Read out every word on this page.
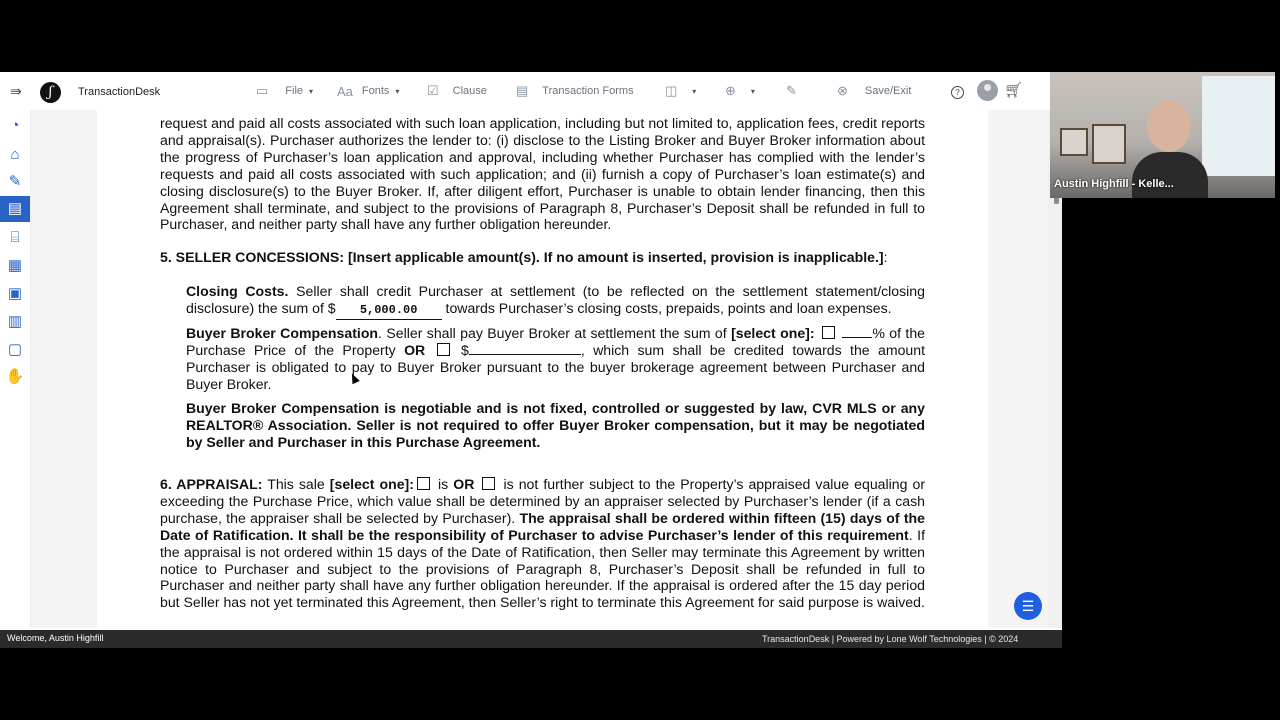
⇛	ʃ	TransactionDesk	▭ File ▾ Aa Fonts ▾ ☑ Clause ▤ Transaction Forms ◫ ▾ ⊕ ▾ ✎	⊗ Save/Exit	?	🛒︎
◔
⌂
✎
▤
⌸
▦
▣
▥
▢
✋

request and paid all costs associated with such loan application, including but not limited to, application fees, credit reports and appraisal(s). Purchaser authorizes the lender to: (i) disclose to the Listing Broker and Buyer Broker information about the progress of Purchaser’s loan application and approval, including whether Purchaser has complied with the lender’s requests and paid all costs associated with such application; and (ii) furnish a copy of Purchaser’s loan estimate(s) and closing disclosure(s) to the Buyer Broker. If, after diligent effort, Purchaser is unable to obtain lender financing, then this Agreement shall terminate, and subject to the provisions of Paragraph 8, Purchaser’s Deposit shall be refunded in full to Purchaser, and neither party shall have any further obligation hereunder.

5. SELLER CONCESSIONS: [Insert applicable amount(s). If no amount is inserted, provision is inapplicable.]:

Closing Costs. Seller shall credit Purchaser at settlement (to be reflected on the settlement statement/closing disclosure) the sum of $ 5,000.00 towards Purchaser’s closing costs, prepaids, points and loan expenses.

Buyer Broker Compensation. Seller shall pay Buyer Broker at settlement the sum of [select one]:	% of the Purchase Price of the Property OR	$	, which sum shall be credited towards the amount Purchaser is obligated to pay to Buyer Broker pursuant to the buyer brokerage agreement between Purchaser and Buyer Broker.

Buyer Broker Compensation is negotiable and is not fixed, controlled or suggested by law, CVR MLS or any REALTOR® Association. Seller is not required to offer Buyer Broker compensation, but it may be negotiated by Seller and Purchaser in this Purchase Agreement.

6. APPRAISAL: This sale [select one]: is OR  is not further subject to the Property’s appraised value equaling or exceeding the Purchase Price, which value shall be determined by an appraiser selected by Purchaser’s lender (if a cash purchase, the appraiser shall be selected by Purchaser). The appraisal shall be ordered within fifteen (15) days of the Date of Ratification. It shall be the responsibility of Purchaser to advise Purchaser’s lender of this requirement. If the appraisal is not ordered within 15 days of the Date of Ratification, then Seller may terminate this Agreement by written notice to Purchaser and subject to the provisions of Paragraph 8, Purchaser’s Deposit shall be refunded in full to Purchaser and neither party shall have any further obligation hereunder. If the appraisal is ordered after the 15 day period but Seller has not yet terminated this Agreement, then Seller’s right to terminate this Agreement for said purpose is waived.	☰
Welcome, Austin Highfill	TransactionDesk | Powered by Lone Wolf Technologies | © 2024
Austin Highfill - Kelle...
